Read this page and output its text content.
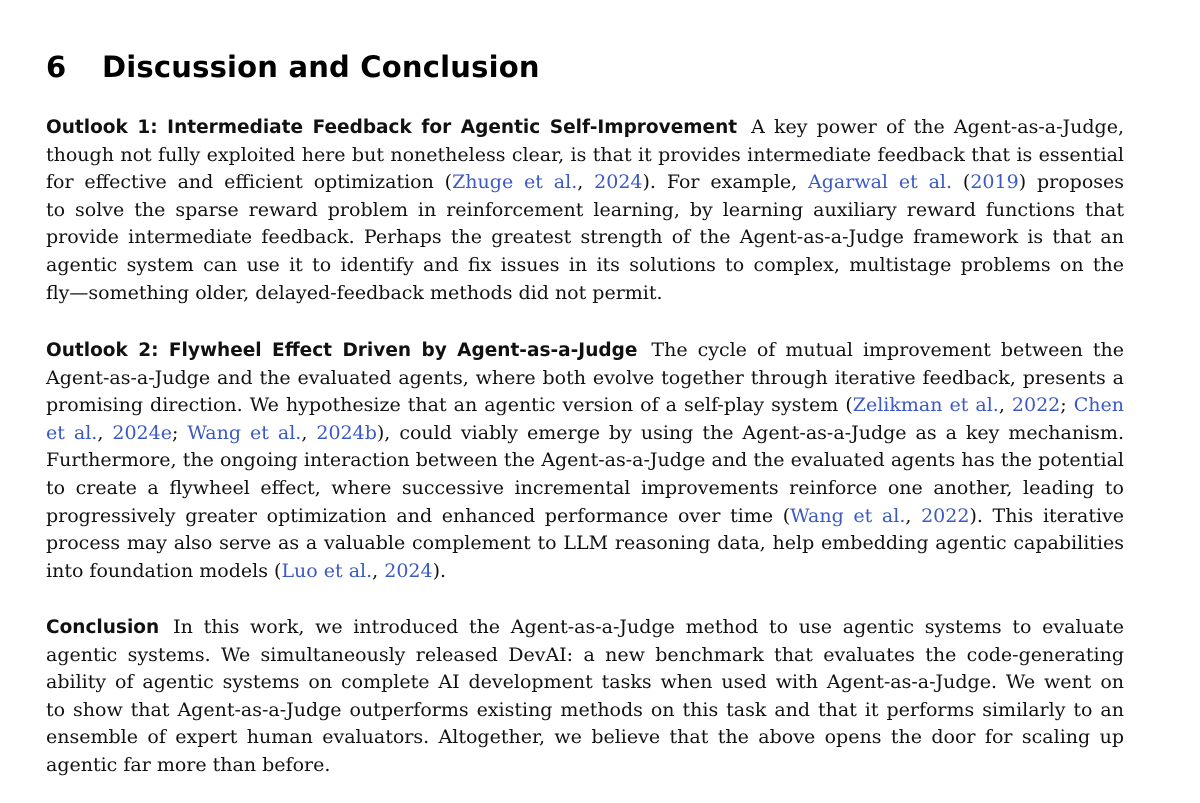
6 Discussion and Conclusion
Outlook 1: Intermediate Feedback for Agentic Self-Improvement A key power of the Agent-as-a-Judge,
though not fully exploited here but nonetheless clear, is that it provides intermediate feedback that is essential
for effective and efficient optimization (Zhuge et al., 2024). For example, Agarwal et al. (2019) proposes
to solve the sparse reward problem in reinforcement learning, by learning auxiliary reward functions that
provide intermediate feedback. Perhaps the greatest strength of the Agent-as-a-Judge framework is that an
agentic system can use it to identify and fix issues in its solutions to complex, multistage problems on the
fly—something older, delayed-feedback methods did not permit.
Outlook 2: Flywheel Effect Driven by Agent-as-a-Judge The cycle of mutual improvement between the
Agent-as-a-Judge and the evaluated agents, where both evolve together through iterative feedback, presents a
promising direction. We hypothesize that an agentic version of a self-play system (Zelikman et al., 2022; Chen
et al., 2024e; Wang et al., 2024b), could viably emerge by using the Agent-as-a-Judge as a key mechanism.
Furthermore, the ongoing interaction between the Agent-as-a-Judge and the evaluated agents has the potential
to create a flywheel effect, where successive incremental improvements reinforce one another, leading to
progressively greater optimization and enhanced performance over time (Wang et al., 2022). This iterative
process may also serve as a valuable complement to LLM reasoning data, help embedding agentic capabilities
into foundation models (Luo et al., 2024).
Conclusion In this work, we introduced the Agent-as-a-Judge method to use agentic systems to evaluate
agentic systems. We simultaneously released DevAI: a new benchmark that evaluates the code-generating
ability of agentic systems on complete AI development tasks when used with Agent-as-a-Judge. We went on
to show that Agent-as-a-Judge outperforms existing methods on this task and that it performs similarly to an
ensemble of expert human evaluators. Altogether, we believe that the above opens the door for scaling up
agentic far more than before.
